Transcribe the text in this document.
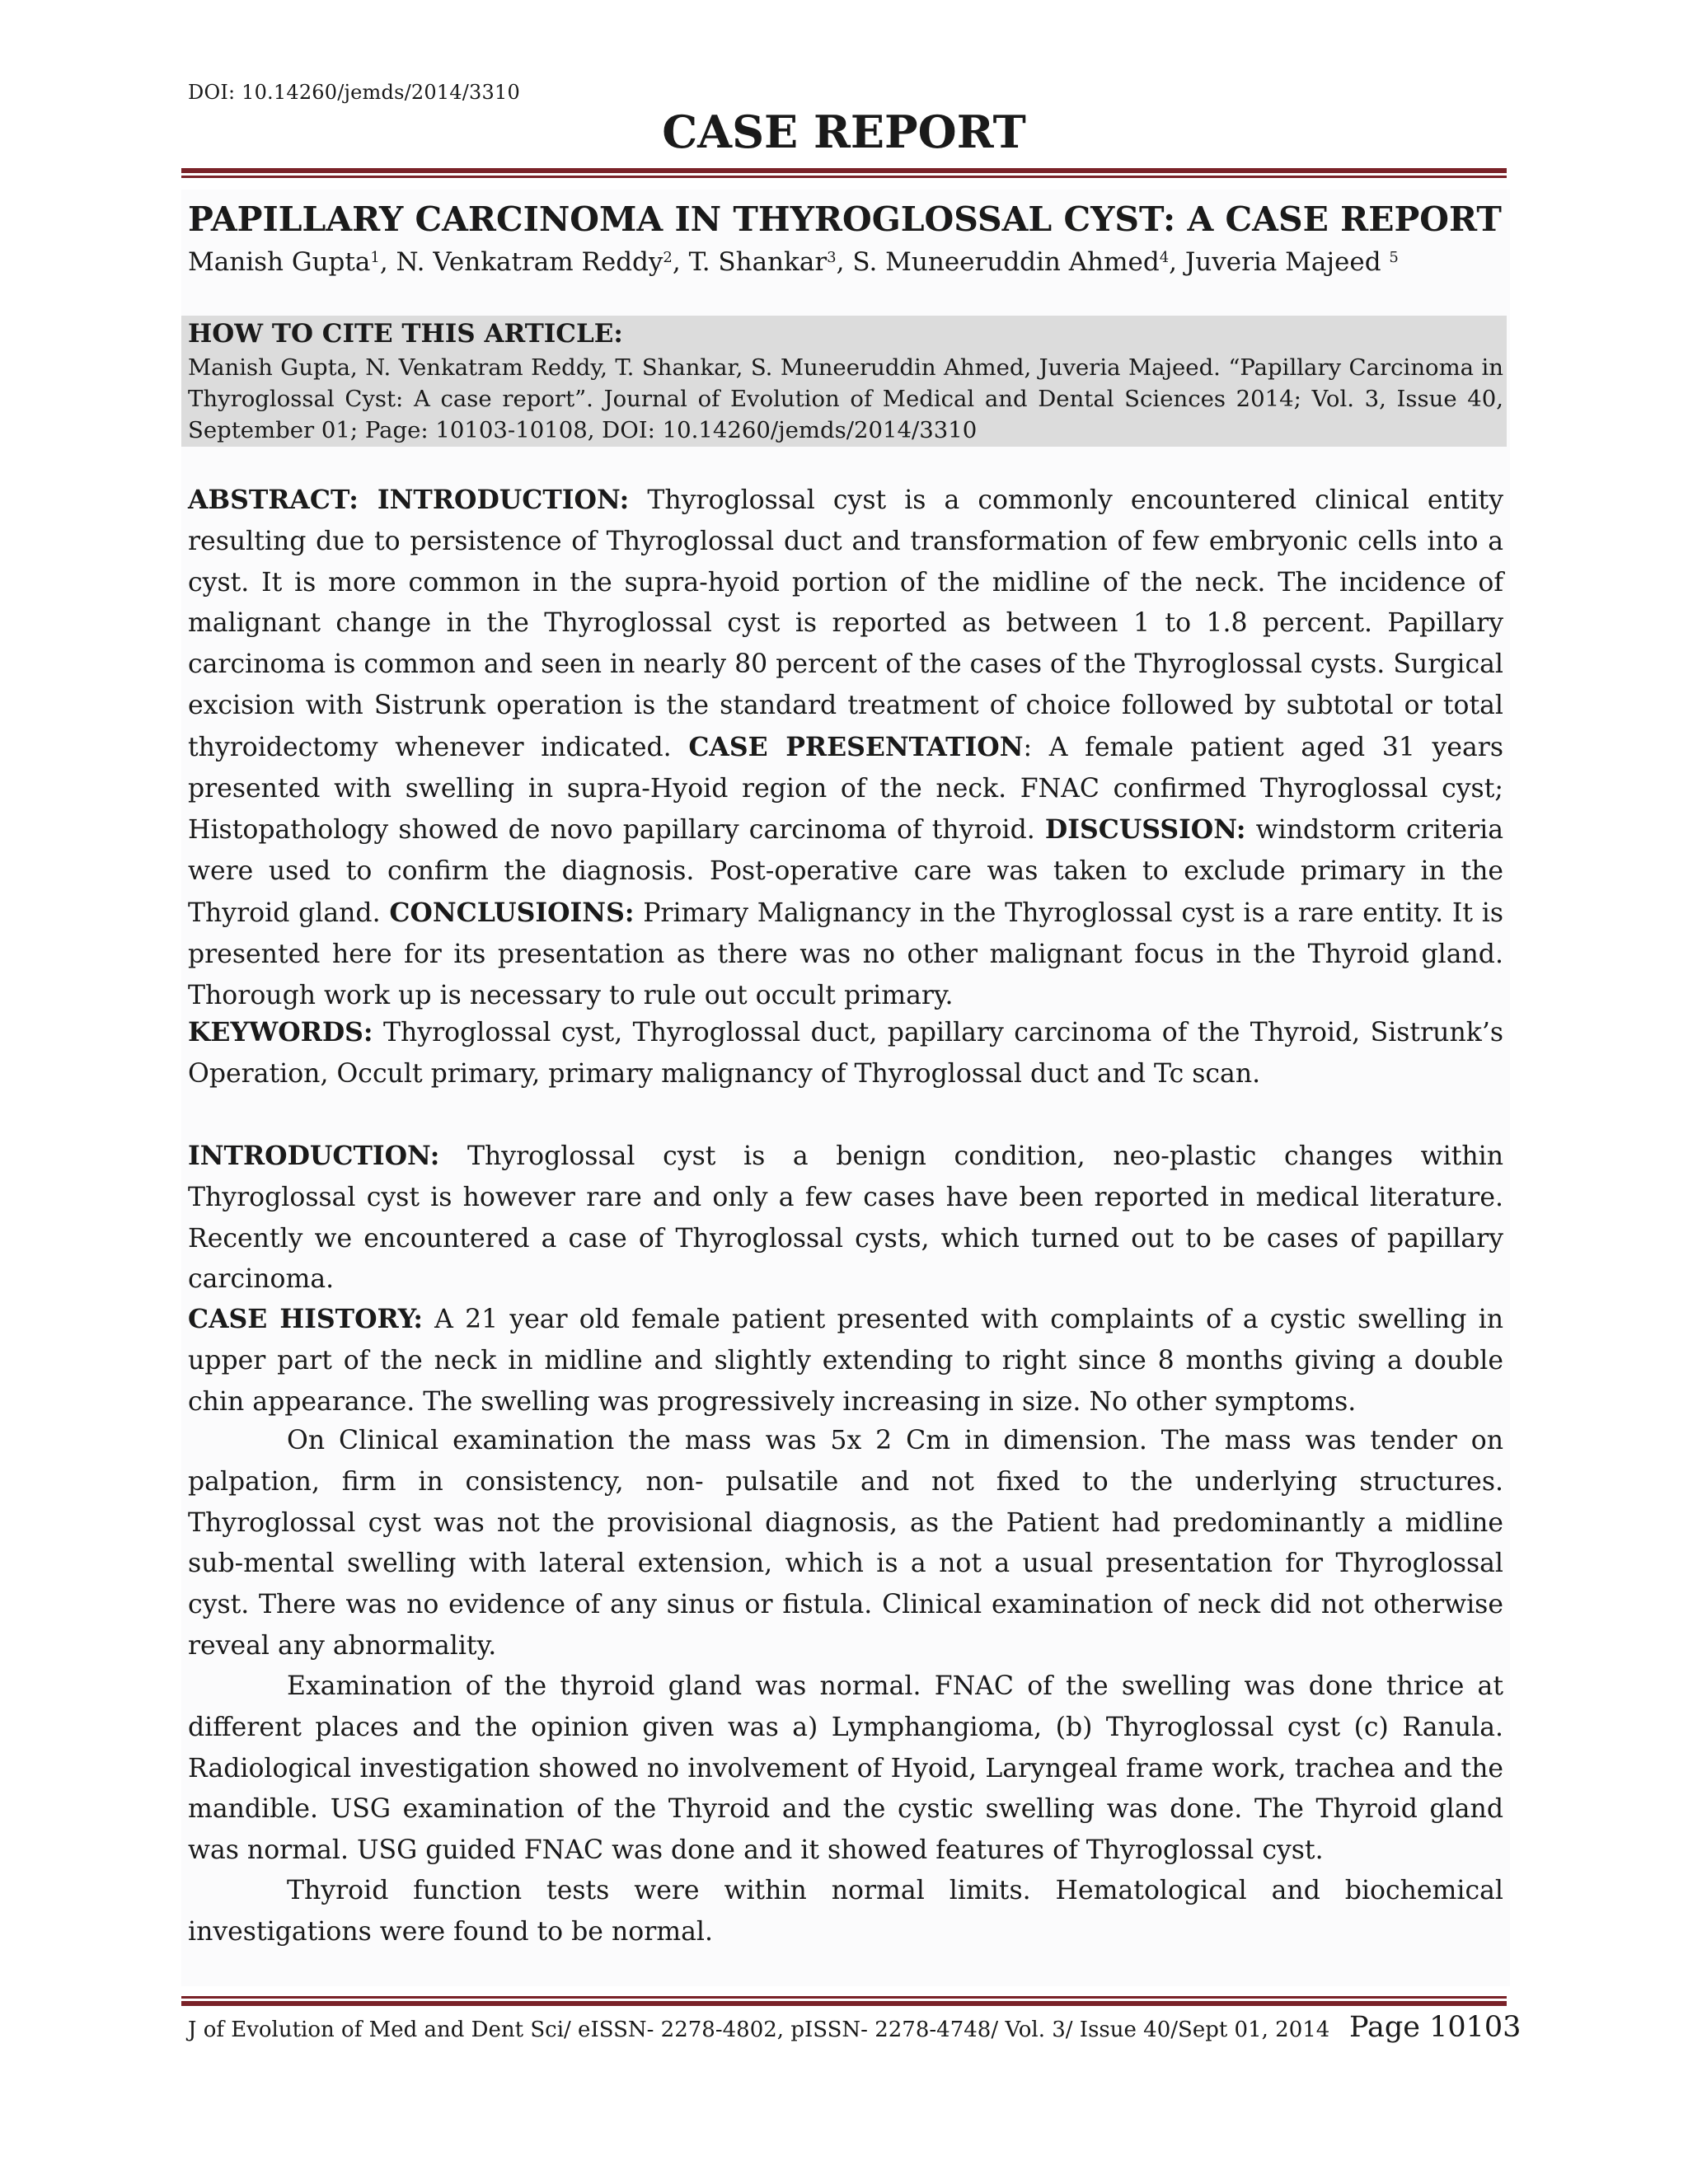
DOI: 10.14260/jemds/2014/3310
CASE REPORT
PAPILLARY CARCINOMA IN THYROGLOSSAL CYST: A CASE REPORT
Manish Gupta$^1$, N. Venkatram Reddy$^2$, T. Shankar$^3$, S. Muneeruddin Ahmed$^4$, Juveria Majeed $^5$
HOW TO CITE THIS ARTICLE:
Manish Gupta, N. Venkatram Reddy, T. Shankar, S. Muneeruddin Ahmed, Juveria Majeed. “Papillary Carcinoma in Thyroglossal Cyst: A case report”. Journal of Evolution of Medical and Dental Sciences 2014; Vol. 3, Issue 40, September 01; Page: 10103-10108, DOI: 10.14260/jemds/2014/3310
ABSTRACT: INTRODUCTION: Thyroglossal cyst is a commonly encountered clinical entity resulting due to persistence of Thyroglossal duct and transformation of few embryonic cells into a cyst. It is more common in the supra-hyoid portion of the midline of the neck. The incidence of malignant change in the Thyroglossal cyst is reported as between 1 to 1.8 percent. Papillary carcinoma is common and seen in nearly 80 percent of the cases of the Thyroglossal cysts. Surgical excision with Sistrunk operation is the standard treatment of choice followed by subtotal or total thyroidectomy whenever indicated. CASE PRESENTATION: A female patient aged 31 years presented with swelling in supra-Hyoid region of the neck. FNAC confirmed Thyroglossal cyst; Histopathology showed de novo papillary carcinoma of thyroid. DISCUSSION: windstorm criteria were used to confirm the diagnosis. Post-operative care was taken to exclude primary in the Thyroid gland. CONCLUSIOINS: Primary Malignancy in the Thyroglossal cyst is a rare entity. It is presented here for its presentation as there was no other malignant focus in the Thyroid gland. Thorough work up is necessary to rule out occult primary.
KEYWORDS: Thyroglossal cyst, Thyroglossal duct, papillary carcinoma of the Thyroid, Sistrunk’s Operation, Occult primary, primary malignancy of Thyroglossal duct and Tc scan.
INTRODUCTION: Thyroglossal cyst is a benign condition, neo-plastic changes within Thyroglossal cyst is however rare and only a few cases have been reported in medical literature. Recently we encountered a case of Thyroglossal cysts, which turned out to be cases of papillary carcinoma.
CASE HISTORY: A 21 year old female patient presented with complaints of a cystic swelling in upper part of the neck in midline and slightly extending to right since 8 months giving a double chin appearance. The swelling was progressively increasing in size. No other symptoms.
On Clinical examination the mass was 5x 2 Cm in dimension. The mass was tender on palpation, firm in consistency, non- pulsatile and not fixed to the underlying structures. Thyroglossal cyst was not the provisional diagnosis, as the Patient had predominantly a midline sub-mental swelling with lateral extension, which is a not a usual presentation for Thyroglossal cyst. There was no evidence of any sinus or fistula. Clinical examination of neck did not otherwise reveal any abnormality.
Examination of the thyroid gland was normal. FNAC of the swelling was done thrice at different places and the opinion given was a) Lymphangioma, (b) Thyroglossal cyst (c) Ranula. Radiological investigation showed no involvement of Hyoid, Laryngeal frame work, trachea and the mandible. USG examination of the Thyroid and the cystic swelling was done. The Thyroid gland was normal. USG guided FNAC was done and it showed features of Thyroglossal cyst.
Thyroid function tests were within normal limits. Hematological and biochemical investigations were found to be normal.
J of Evolution of Med and Dent Sci/ eISSN- 2278-4802, pISSN- 2278-4748/ Vol. 3/ Issue 40/Sept 01, 2014 Page 10103
